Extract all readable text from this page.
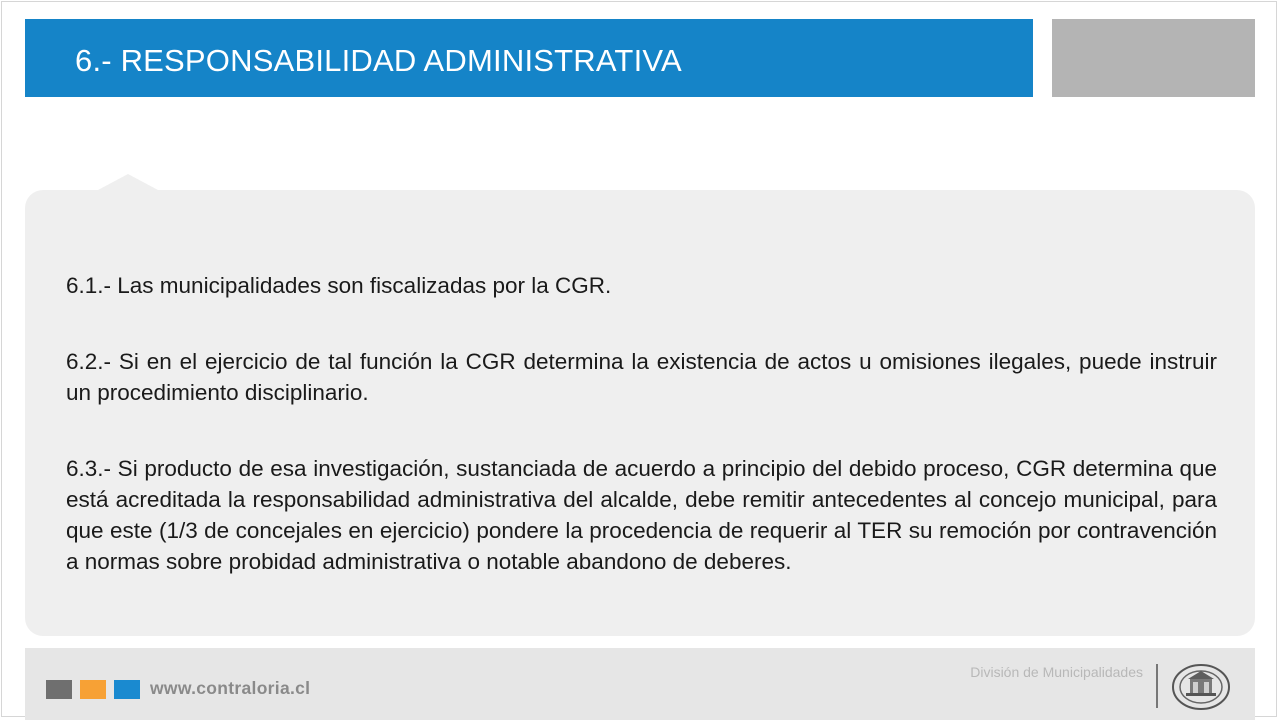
6.- RESPONSABILIDAD ADMINISTRATIVA

6.1.- Las municipalidades son fiscalizadas por la CGR.

6.2.- Si en el ejercicio de tal función la CGR determina la existencia de actos u omisiones ilegales, puede instruir un procedimiento disciplinario.

6.3.- Si producto de esa investigación, sustanciada de acuerdo a principio del debido proceso, CGR determina que está acreditada la responsabilidad administrativa del alcalde, debe remitir antecedentes al concejo municipal, para que este (1/3 de concejales en ejercicio) pondere la procedencia de requerir al TER su remoción por contravención a normas sobre probidad administrativa o notable abandono de deberes.

www.contraloria.cl
División de Municipalidades
